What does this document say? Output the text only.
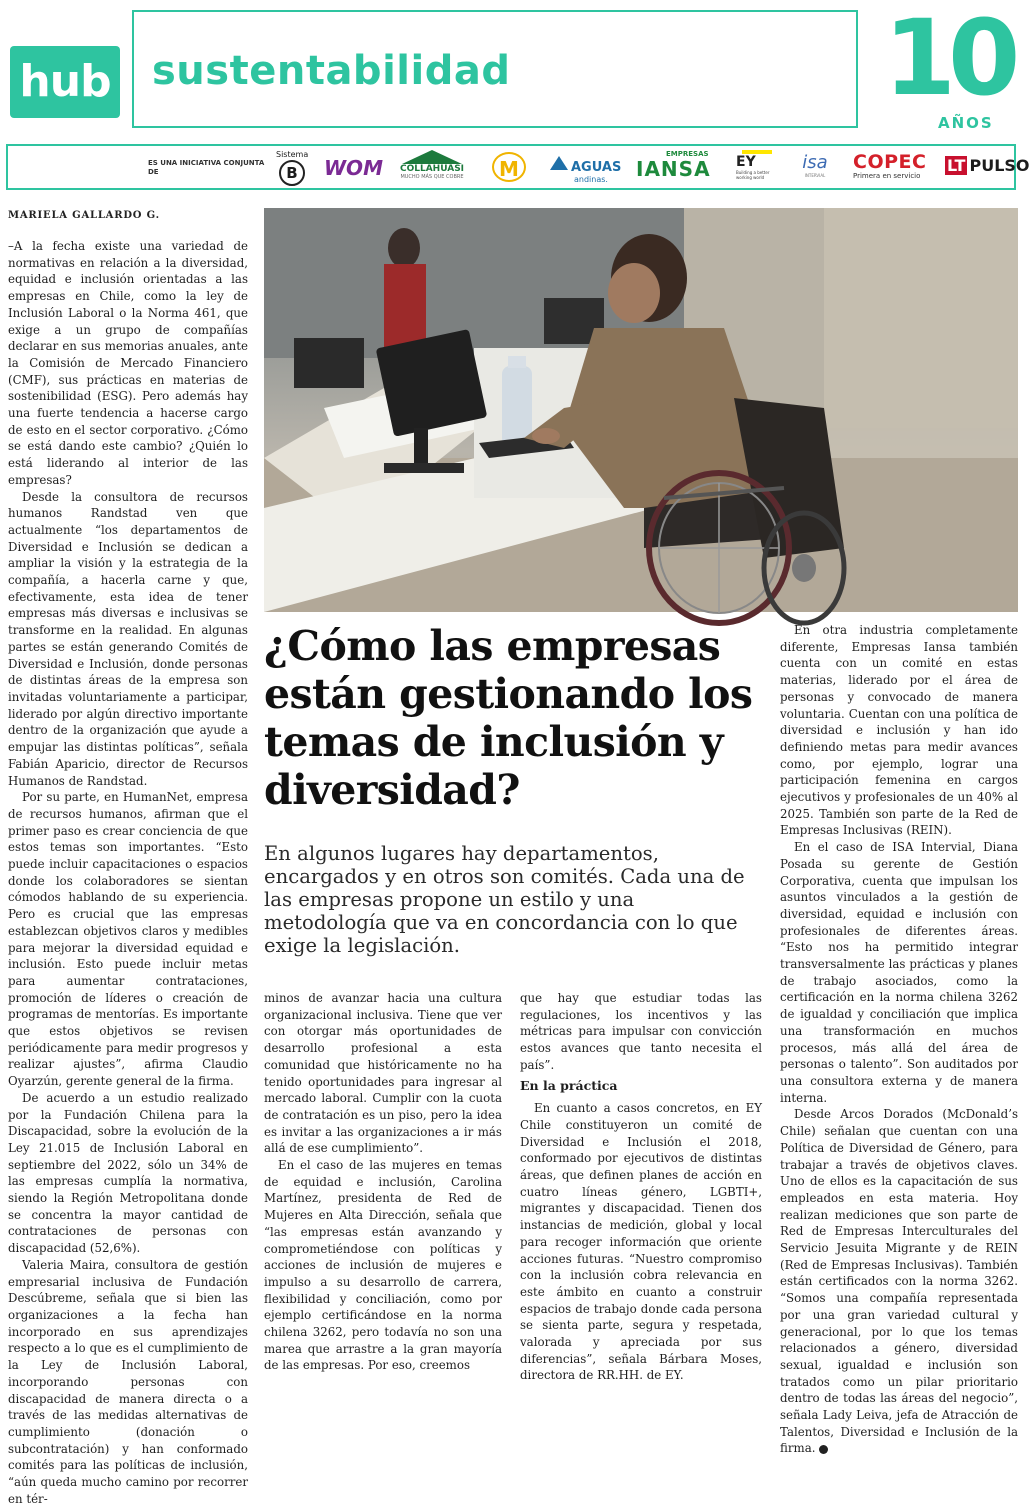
hub sustentabilidad	10
AÑOS
ES UNA INICIATIVA CONJUNTA DE
Sistema
B	WOM	COLLAHUASI
MUCHO MÁS QUE COBRE	M	AGUAS
andinas.
EMPRESAS
IANSA EY
Building a better working world
isa
INTERVIAL
COPEC
Primera en servicio
LT PULSO
MARIELA GALLARDO G.
¿Cómo las empresas están gestionando los temas de inclusión y diversidad?

En algunos lugares hay departamentos, encargados y en otros son comités. Cada una de las empresas propone un estilo y una metodología que va en concordancia con lo que exige la legislación.

–A la fecha existe una variedad de normativas en relación a la diversidad, equidad e inclusión orientadas a las empresas en Chile, como la ley de Inclusión Laboral o la Norma 461, que exige a un grupo de compañías declarar en sus memorias anuales, ante la Comisión de Mercado Financiero (CMF), sus prácticas en materias de sostenibilidad (ESG). Pero además hay una fuerte tendencia a hacerse cargo de esto en el sector corporativo. ¿Cómo se está dando este cambio? ¿Quién lo está liderando al interior de las empresas?

Desde la consultora de recursos humanos Randstad ven que actualmente “los departamentos de Diversidad e Inclusión se dedican a ampliar la visión y la estrategia de la compañía, a hacerla carne y que, efectivamente, esta idea de tener empresas más diversas e inclusivas se transforme en la realidad. En algunas partes se están generando Comités de Diversidad e Inclusión, donde personas de distintas áreas de la empresa son invitadas voluntariamente a participar, liderado por algún directivo importante dentro de la organización que ayude a empujar las distintas políticas”, señala Fabián Aparicio, director de Recursos Humanos de Randstad.

Por su parte, en HumanNet, empresa de recursos humanos, afirman que el primer paso es crear conciencia de que estos temas son importantes. “Esto puede incluir capacitaciones o espacios donde los colaboradores se sientan cómodos hablando de su experiencia. Pero es crucial que las empresas establezcan objetivos claros y medibles para mejorar la diversidad equidad e inclusión. Esto puede incluir metas para aumentar contrataciones, promoción de líderes o creación de programas de mentorías. Es importante que estos objetivos se revisen periódicamente para medir progresos y realizar ajustes”, afirma Claudio Oyarzún, gerente general de la firma.

De acuerdo a un estudio realizado por la Fundación Chilena para la Discapacidad, sobre la evolución de la Ley 21.015 de Inclusión Laboral en septiembre del 2022, sólo un 34% de las empresas cumplía la normativa, siendo la Región Metropolitana donde se concentra la mayor cantidad de contrataciones de personas con discapacidad (52,6%).

Valeria Maira, consultora de gestión empresarial inclusiva de Fundación Descúbreme, señala que si bien las organizaciones a la fecha han incorporado en sus aprendizajes respecto a lo que es el cumplimiento de la Ley de Inclusión Laboral, incorporando personas con discapacidad de manera directa o a través de las medidas alternativas de cumplimiento (donación o subcontratación) y han conformado comités para las políticas de inclusión, “aún queda mucho camino por recorrer en tér-

minos de avanzar hacia una cultura organizacional inclusiva. Tiene que ver con otorgar más oportunidades de desarrollo profesional a esta comunidad que históricamente no ha tenido oportunidades para ingresar al mercado laboral. Cumplir con la cuota de contratación es un piso, pero la idea es invitar a las organizaciones a ir más allá de ese cumplimiento”.

En el caso de las mujeres en temas de equidad e inclusión, Carolina Martínez, presidenta de Red de Mujeres en Alta Dirección, señala que “las empresas están avanzando y comprometiéndose con políticas y acciones de inclusión de mujeres e impulso a su desarrollo de carrera, flexibilidad y conciliación, como por ejemplo certificándose en la norma chilena 3262, pero todavía no son una marea que arrastre a la gran mayoría de las empresas. Por eso, creemos

que hay que estudiar todas las regulaciones, los incentivos y las métricas para impulsar con convicción estos avances que tanto necesita el país”.

En la práctica

En cuanto a casos concretos, en EY Chile constituyeron un comité de Diversidad e Inclusión el 2018, conformado por ejecutivos de distintas áreas, que definen planes de acción en cuatro líneas género, LGBTI+, migrantes y discapacidad. Tienen dos instancias de medición, global y local para recoger información que oriente acciones futuras. “Nuestro compromiso con la inclusión cobra relevancia en este ámbito en cuanto a construir espacios de trabajo donde cada persona se sienta parte, segura y respetada, valorada y apreciada por sus diferencias”, señala Bárbara Moses, directora de RR.HH. de EY.

En otra industria completamente diferente, Empresas Iansa también cuenta con un comité en estas materias, liderado por el área de personas y convocado de manera voluntaria. Cuentan con una política de diversidad e inclusión y han ido definiendo metas para medir avances como, por ejemplo, lograr una participación femenina en cargos ejecutivos y profesionales de un 40% al 2025. También son parte de la Red de Empresas Inclusivas (REIN).

En el caso de ISA Intervial, Diana Posada su gerente de Gestión Corporativa, cuenta que impulsan los asuntos vinculados a la gestión de diversidad, equidad e inclusión con profesionales de diferentes áreas. “Esto nos ha permitido integrar transversalmente las prácticas y planes de trabajo asociados, como la certificación en la norma chilena 3262 de igualdad y conciliación que implica una transformación en muchos procesos, más allá del área de personas o talento”. Son auditados por una consultora externa y de manera interna.

Desde Arcos Dorados (McDonald’s Chile) señalan que cuentan con una Política de Diversidad de Género, para trabajar a través de objetivos claves. Uno de ellos es la capacitación de sus empleados en esta materia. Hoy realizan mediciones que son parte de Red de Empresas Interculturales del Servicio Jesuita Migrante y de REIN (Red de Empresas Inclusivas). También están certificados con la norma 3262. “Somos una compañía representada por una gran variedad cultural y generacional, por lo que los temas relacionados a género, diversidad sexual, igualdad e inclusión son tratados como un pilar prioritario dentro de todas las áreas del negocio”, señala Lady Leiva, jefa de Atracción de Talentos, Diversidad e Inclusión de la firma.	P
